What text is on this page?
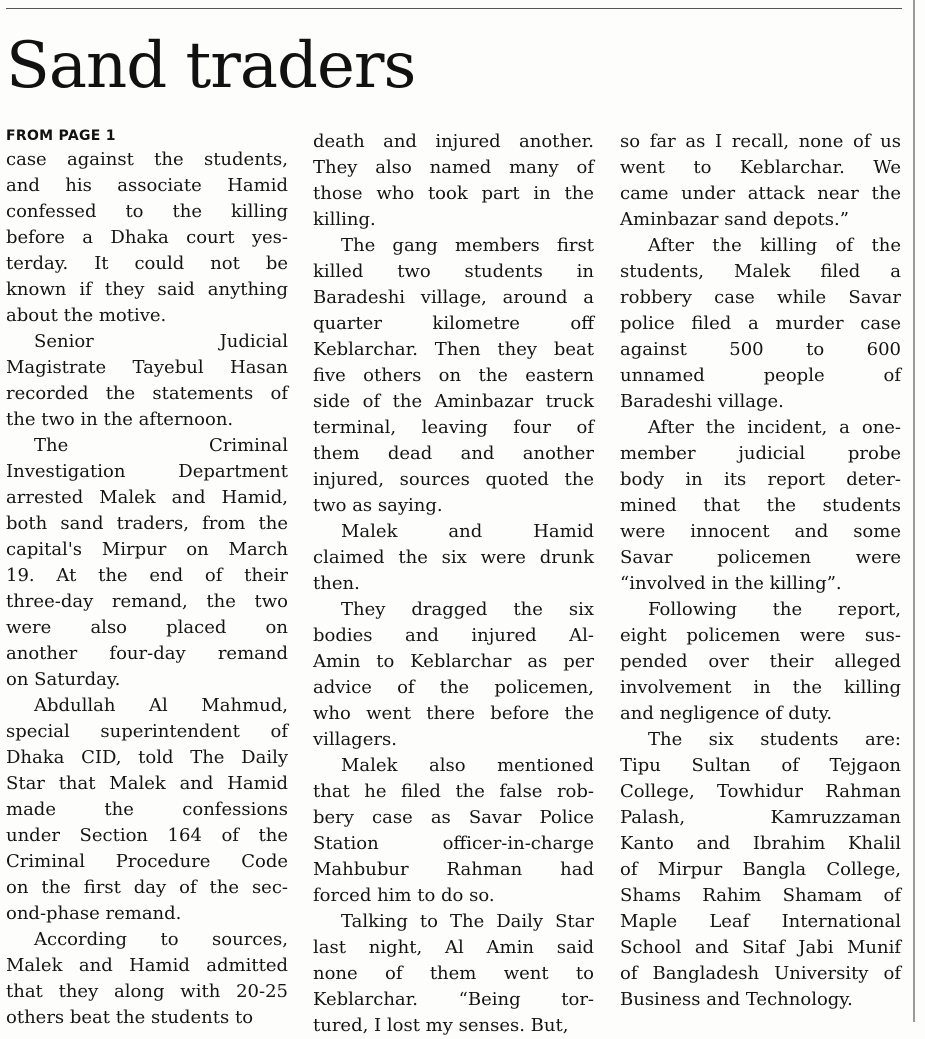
Sand traders
FROM PAGE 1
case against the students,
and his associate Hamid
confessed to the killing
before a Dhaka court yes-
terday. It could not be
known if they said anything
about the motive.
Senior Judicial
Magistrate Tayebul Hasan
recorded the statements of
the two in the afternoon.
The Criminal
Investigation Department
arrested Malek and Hamid,
both sand traders, from the
capital's Mirpur on March
19. At the end of their
three-day remand, the two
were also placed on
another four-day remand
on Saturday.
Abdullah Al Mahmud,
special superintendent of
Dhaka CID, told The Daily
Star that Malek and Hamid
made the confessions
under Section 164 of the
Criminal Procedure Code
on the first day of the sec-
ond-phase remand.
According to sources,
Malek and Hamid admitted
that they along with 20-25
others beat the students to
death and injured another.
They also named many of
those who took part in the
killing.
The gang members first
killed two students in
Baradeshi village, around a
quarter kilometre off
Keblarchar. Then they beat
five others on the eastern
side of the Aminbazar truck
terminal, leaving four of
them dead and another
injured, sources quoted the
two as saying.
Malek and Hamid
claimed the six were drunk
then.
They dragged the six
bodies and injured Al-
Amin to Keblarchar as per
advice of the policemen,
who went there before the
villagers.
Malek also mentioned
that he filed the false rob-
bery case as Savar Police
Station officer-in-charge
Mahbubur Rahman had
forced him to do so.
Talking to The Daily Star
last night, Al Amin said
none of them went to
Keblarchar. “Being tor-
tured, I lost my senses. But,
so far as I recall, none of us
went to Keblarchar. We
came under attack near the
Aminbazar sand depots.”
After the killing of the
students, Malek filed a
robbery case while Savar
police filed a murder case
against 500 to 600
unnamed people of
Baradeshi village.
After the incident, a one-
member judicial probe
body in its report deter-
mined that the students
were innocent and some
Savar policemen were
“involved in the killing”.
Following the report,
eight policemen were sus-
pended over their alleged
involvement in the killing
and negligence of duty.
The six students are:
Tipu Sultan of Tejgaon
College, Towhidur Rahman
Palash, Kamruzzaman
Kanto and Ibrahim Khalil
of Mirpur Bangla College,
Shams Rahim Shamam of
Maple Leaf International
School and Sitaf Jabi Munif
of Bangladesh University of
Business and Technology.
